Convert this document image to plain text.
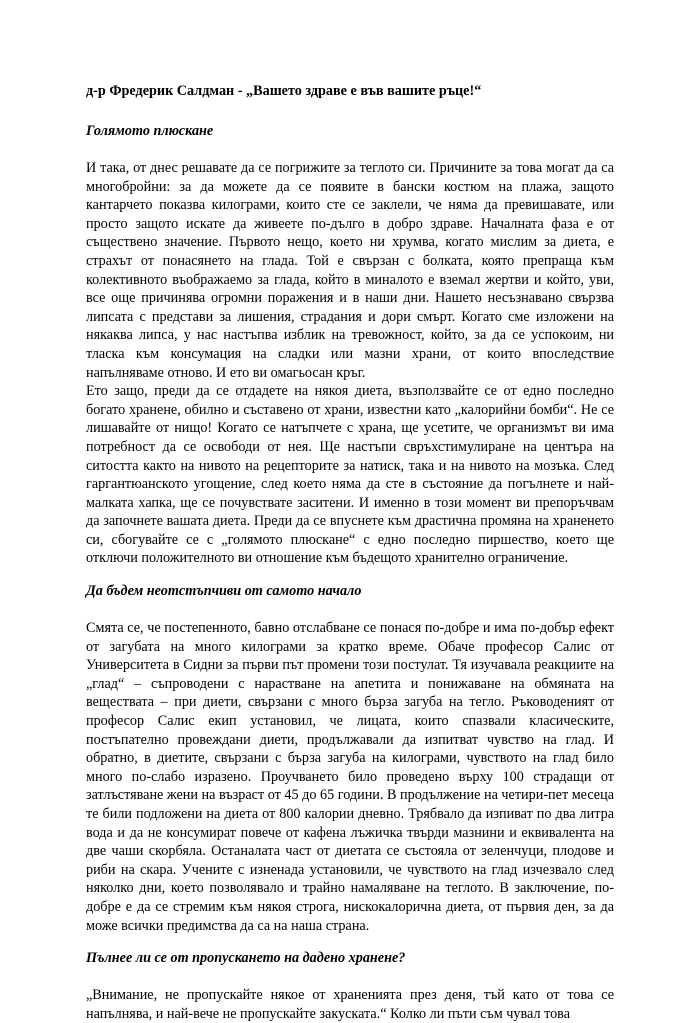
д-р Фредерик Салдман - „Вашето здраве е във вашите ръце!“
Голямото плюскане

И така, от днес решавате да се погрижите за теглото си. Причините за това могат да са многобройни: за да можете да се появите в бански костюм на плажа, защото кантарчето показва килограми, които сте се заклели, че няма да превишавате, или просто защото искате да живеете по-дълго в добро здраве. Началната фаза е от съществено значение. Първото нещо, което ни хрумва, когато мислим за диета, е страхът от понасянето на глада. Той е свързан с болката, която препраща към колективното въображаемо за глада, който в миналото е вземал жертви и който, уви, все още причинява огромни поражения и в наши дни. Нашето несъзнавано свързва липсата с представи за лишения, страдания и дори смърт. Когато сме изложени на някаква липса, у нас настъпва изблик на тревожност, който, за да се успокоим, ни тласка към консумация на сладки или мазни храни, от които впоследствие напълняваме отново. И ето ви омагьосан кръг.

Ето защо, преди да се отдадете на някоя диета, възползвайте се от едно последно богато хранене, обилно и съставено от храни, известни като „калорийни бомби“. Не се лишавайте от нищо! Когато се натъпчете с храна, ще усетите, че организмът ви има потребност да се освободи от нея. Ще настъпи свръхстимулиране на центъра на ситостта както на нивото на рецепторите за натиск, така и на нивото на мозъка. След гаргантюанското угощение, след което няма да сте в състояние да погълнете и най-малката хапка, ще се почувствате заситени. И именно в този момент ви препоръчвам да започнете вашата диета. Преди да се впуснете към драстична промяна на храненето си, сбогувайте се с „голямото плюскане“ с едно последно пиршество, което ще отключи положителното ви отношение към бъдещото хранително ограничение.

Да бъдем неотстъпчиви от самото начало

Смята се, че постепенното, бавно отслабване се понася по-добре и има по-добър ефект от загубата на много килограми за кратко време. Обаче професор Салис от Университета в Сидни за първи път промени този постулат. Тя изучавала реакциите на „глад“ – съпроводени с нарастване на апетита и понижаване на обмяната на веществата – при диети, свързани с много бърза загуба на тегло. Ръководеният от професор Салис екип установил, че лицата, които спазвали класическите, постъпателно провеждани диети, продължавали да изпитват чувство на глад. И обратно, в диетите, свързани с бърза загуба на килограми, чувството на глад било много по-слабо изразено. Проучването било проведено върху 100 страдащи от затлъстяване жени на възраст от 45 до 65 години. В продължение на четири-пет месеца те били подложени на диета от 800 калории дневно. Трябвало да изпиват по два литра вода и да не консумират повече от кафена лъжичка твърди мазнини и еквивалента на две чаши скорбяла. Останалата част от диетата се състояла от зеленчуци, плодове и риби на скара. Учените с изненада установили, че чувството на глад изчезвало след няколко дни, което позволявало и трайно намаляване на теглото. В заключение, по-добре е да се стремим към някоя строга, нискокалорична диета, от първия ден, за да може всички предимства да са на наша страна.

Пълнее ли се от пропускането на дадено хранене?

„Внимание, не пропускайте някое от храненията през деня, тъй като от това се напълнява, и най-вече не пропускайте закуската.“ Колко ли пъти съм чувал това
